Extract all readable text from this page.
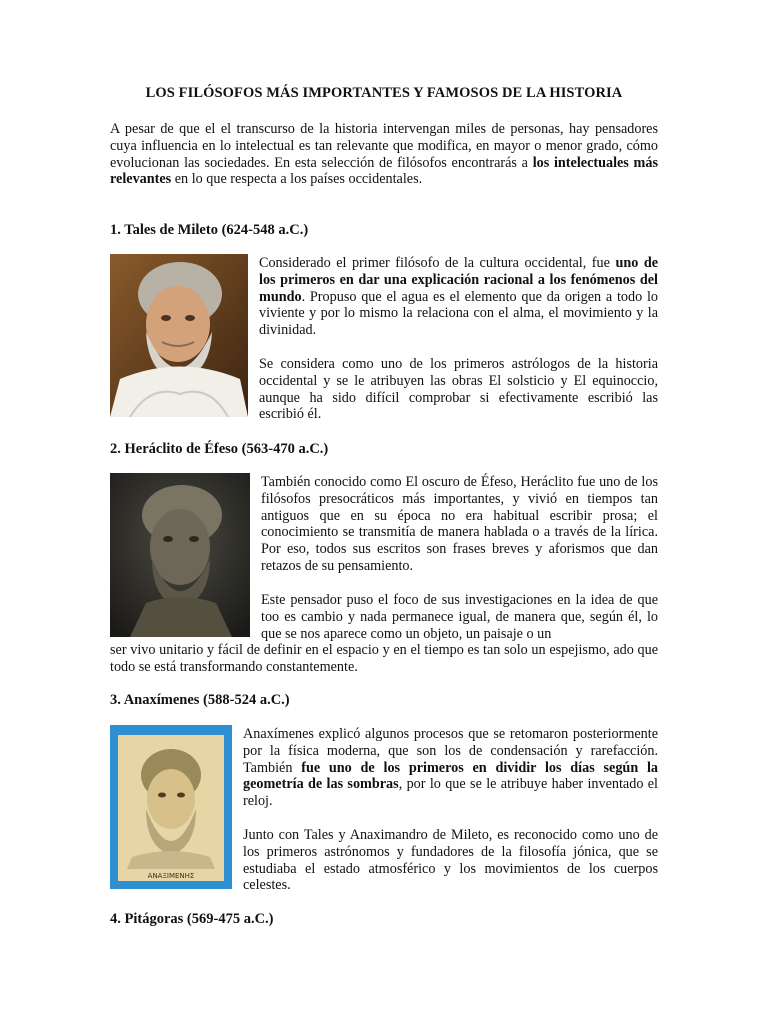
LOS FILÓSOFOS MÁS IMPORTANTES Y FAMOSOS DE LA HISTORIA
A pesar de que el el transcurso de la historia intervengan miles de personas, hay pensadores cuya influencia en lo intelectual es tan relevante que modifica, en mayor o menor grado, cómo evolucionan las sociedades. En esta selección de filósofos encontrarás a los intelectuales más relevantes en lo que respecta a los países occidentales.
1. Tales de Mileto (624-548 a.C.)
Considerado el primer filósofo de la cultura occidental, fue uno de los primeros en dar una explicación racional a los fenómenos del mundo. Propuso que el agua es el elemento que da origen a todo lo viviente y por lo mismo la relaciona con el alma, el movimiento y la divinidad.
Se considera como uno de los primeros astrólogos de la historia occidental y se le atribuyen las obras El solsticio y El equinoccio, aunque ha sido difícil comprobar si efectivamente escribió las escribió él.
2. Heráclito de Éfeso (563-470 a.C.)
También conocido como El oscuro de Éfeso, Heráclito fue uno de los filósofos presocráticos más importantes, y vivió en tiempos tan antiguos que en su época no era habitual escribir prosa; el conocimiento se transmitía de manera hablada o a través de la lírica. Por eso, todos sus escritos son frases breves y aforismos que dan retazos de su pensamiento.
Este pensador puso el foco de sus investigaciones en la idea de que too es cambio y nada permanece igual, de manera que, según él, lo que se nos aparece como un objeto, un paisaje o un
ser vivo unitario y fácil de definir en el espacio y en el tiempo es tan solo un espejismo, ado que todo se está transformando constantemente.
3. Anaxímenes (588-524 a.C.)
ΑΝΑΞΙΜΕΝΗΣ
Anaxímenes explicó algunos procesos que se retomaron posteriormente por la física moderna, que son los de condensación y rarefacción. También fue uno de los primeros en dividir los días según la geometría de las sombras, por lo que se le atribuye haber inventado el reloj.
Junto con Tales y Anaximandro de Mileto, es reconocido como uno de los primeros astrónomos y fundadores de la filosofía jónica, que se estudiaba el estado atmosférico y los movimientos de los cuerpos celestes.
4. Pitágoras (569-475 a.C.)
